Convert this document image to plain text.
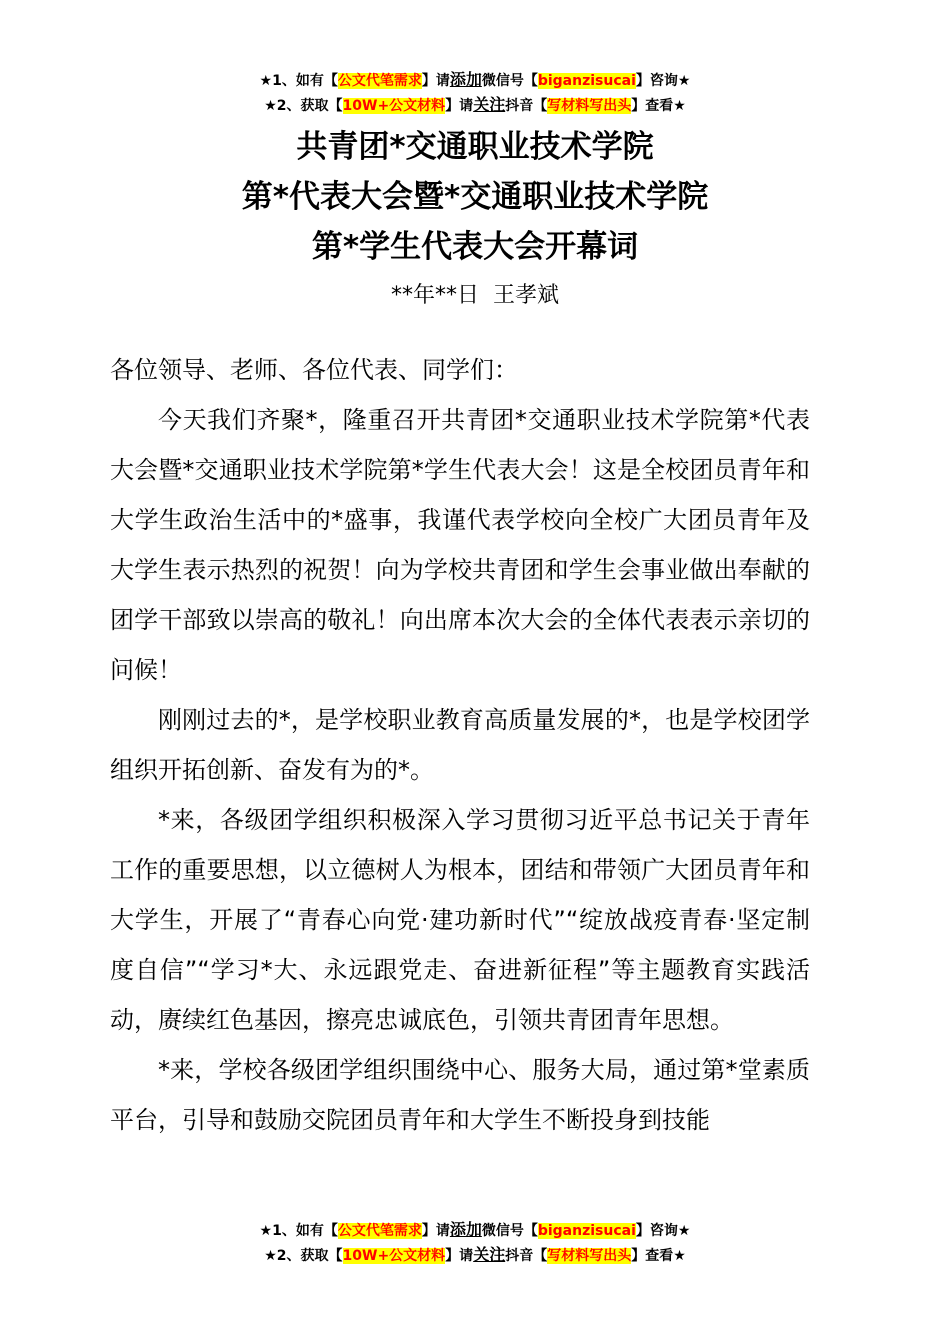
★1、如有【公文代笔需求】请添加微信号【biganzisucai】咨询★
★2、获取【10W+公文材料】请关注抖音【写材料写出头】查看★
共青团*交通职业技术学院
第*代表大会暨*交通职业技术学院
第*学生代表大会开幕词
**年**日 王孝斌

各位领导、老师、各位代表、同学们：

今天我们齐聚*，隆重召开共青团*交通职业技术学院第*代表大会暨*交通职业技术学院第*学生代表大会！这是全校团员青年和大学生政治生活中的*盛事，我谨代表学校向全校广大团员青年及大学生表示热烈的祝贺！向为学校共青团和学生会事业做出奉献的团学干部致以崇高的敬礼！向出席本次大会的全体代表表示亲切的问候！

刚刚过去的*，是学校职业教育高质量发展的*，也是学校团学组织开拓创新、奋发有为的*。

*来，各级团学组织积极深入学习贯彻习近平总书记关于青年工作的重要思想，以立德树人为根本，团结和带领广大团员青年和大学生，开展了“青春心向党·建功新时代”“绽放战疫青春·坚定制度自信”“学习*大、永远跟党走、奋进新征程”等主题教育实践活动，赓续红色基因，擦亮忠诚底色，引领共青团青年思想。

*来，学校各级团学组织围绕中心、服务大局，通过第*堂素质平台，引导和鼓励交院团员青年和大学生不断投身到技能

★1、如有【公文代笔需求】请添加微信号【biganzisucai】咨询★
★2、获取【10W+公文材料】请关注抖音【写材料写出头】查看★
